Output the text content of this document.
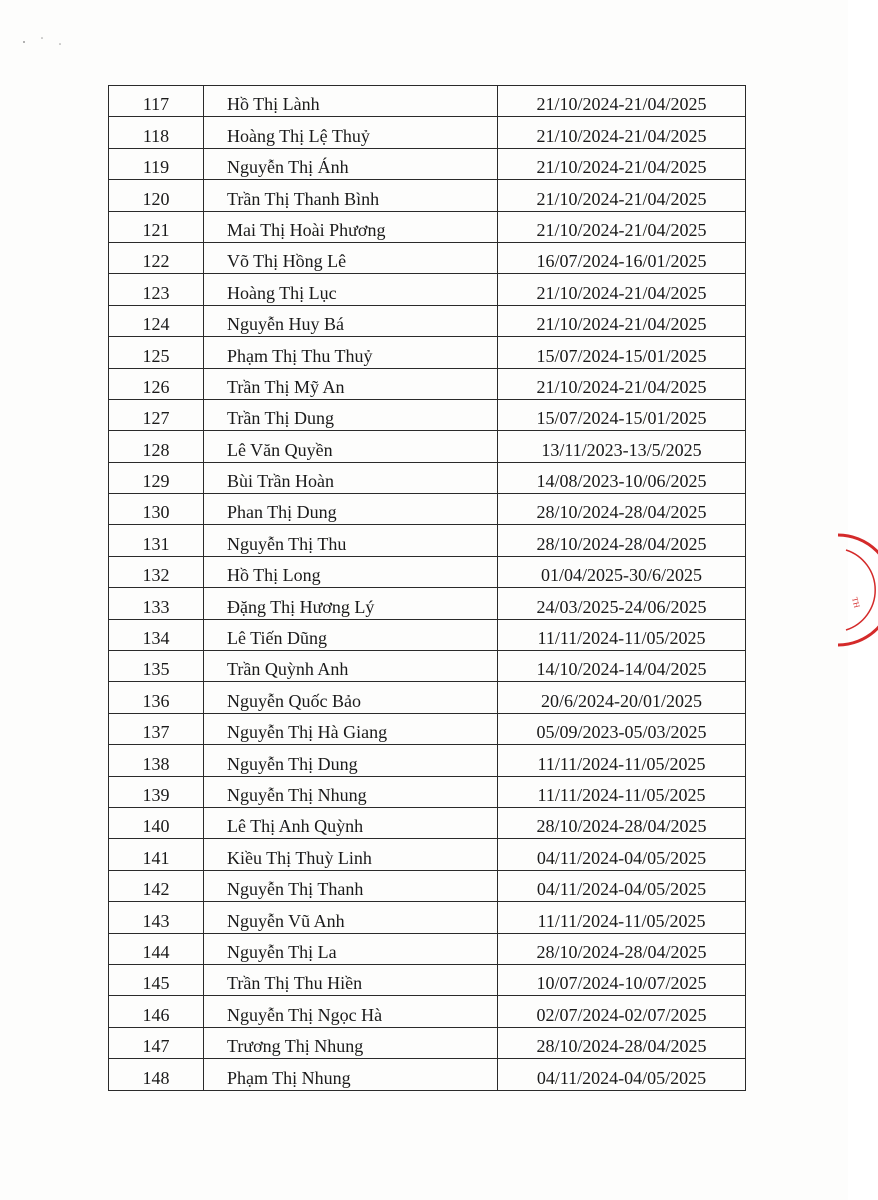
TH
117	Hồ Thị Lành	21/10/2024-21/04/2025
118	Hoàng Thị Lệ Thuỷ	21/10/2024-21/04/2025
119	Nguyễn Thị Ánh	21/10/2024-21/04/2025
120	Trần Thị Thanh Bình	21/10/2024-21/04/2025
121	Mai Thị Hoài Phương	21/10/2024-21/04/2025
122	Võ Thị Hồng Lê	16/07/2024-16/01/2025
123	Hoàng Thị Lục	21/10/2024-21/04/2025
124	Nguyễn Huy Bá	21/10/2024-21/04/2025
125	Phạm Thị Thu Thuỷ	15/07/2024-15/01/2025
126	Trần Thị Mỹ An	21/10/2024-21/04/2025
127	Trần Thị Dung	15/07/2024-15/01/2025
128	Lê Văn Quyền	13/11/2023-13/5/2025
129	Bùi Trần Hoàn	14/08/2023-10/06/2025
130	Phan Thị Dung	28/10/2024-28/04/2025
131	Nguyễn Thị Thu	28/10/2024-28/04/2025
132	Hồ Thị Long	01/04/2025-30/6/2025
133	Đặng Thị Hương Lý	24/03/2025-24/06/2025
134	Lê Tiến Dũng	11/11/2024-11/05/2025
135	Trần Quỳnh Anh	14/10/2024-14/04/2025
136	Nguyễn Quốc Bảo	20/6/2024-20/01/2025
137	Nguyễn Thị Hà Giang	05/09/2023-05/03/2025
138	Nguyễn Thị Dung	11/11/2024-11/05/2025
139	Nguyễn Thị Nhung	11/11/2024-11/05/2025
140	Lê Thị Anh Quỳnh	28/10/2024-28/04/2025
141	Kiều Thị Thuỳ Linh	04/11/2024-04/05/2025
142	Nguyễn Thị Thanh	04/11/2024-04/05/2025
143	Nguyễn Vũ Anh	11/11/2024-11/05/2025
144	Nguyễn Thị La	28/10/2024-28/04/2025
145	Trần Thị Thu Hiền	10/07/2024-10/07/2025
146	Nguyễn Thị Ngọc Hà	02/07/2024-02/07/2025
147	Trương Thị Nhung	28/10/2024-28/04/2025
148	Phạm Thị Nhung	04/11/2024-04/05/2025
